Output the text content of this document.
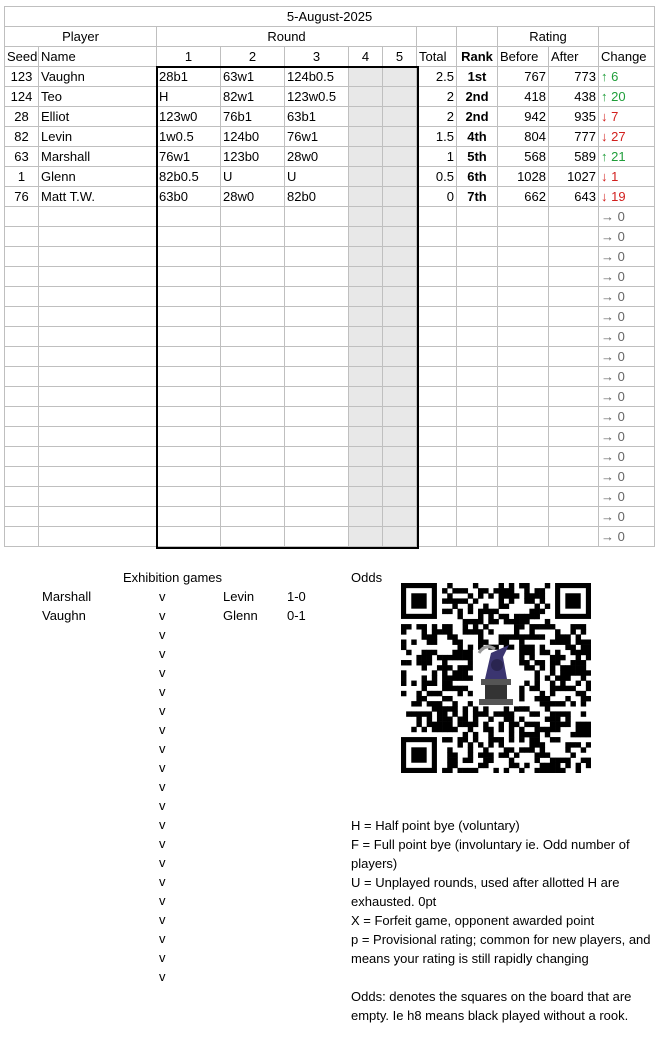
5-August-2025											
Player		Round							Rating		
Seed	Name	1	2	3	4	5	Total	Rank	Before	After	Change
123	Vaughn	28b1	63w1	124b0.5			2.5	1st	767	773	↑ 6
124	Teo	H	82w1	123w0.5			2	2nd	418	438	↑ 20
28	Elliot	123w0	76b1	63b1			2	2nd	942	935	↓ 7
82	Levin	1w0.5	124b0	76w1			1.5	4th	804	777	↓ 27
63	Marshall	76w1	123b0	28w0			1	5th	568	589	↑ 21
1	Glenn	82b0.5	U	U			0.5	6th	1028	1027	↓ 1
76	Matt T.W.	63b0	28w0	82b0			0	7th	662	643	↓ 19
											→ 0
											→ 0
											→ 0
											→ 0
											→ 0
											→ 0
											→ 0
											→ 0
											→ 0
											→ 0
											→ 0
											→ 0
											→ 0
											→ 0
											→ 0
											→ 0
											→ 0
Exhibition games
Marshall	v	Levin	1-0
Vaughn	v	Glenn 0-1
v
v
v
v
v
v
v
v
v
v
v
v
v
v
v
v
v
v
v
Odds
H = Half point bye (voluntary)
F = Full point bye (involuntary ie. Odd number of players)
U = Unplayed rounds, used after allotted H are exhausted. 0pt
X = Forfeit game, opponent awarded point
p = Provisional rating; common for new players, and means your rating is still rapidly changing
Odds: denotes the squares on the board that are empty. Ie h8 means black played without a rook.
